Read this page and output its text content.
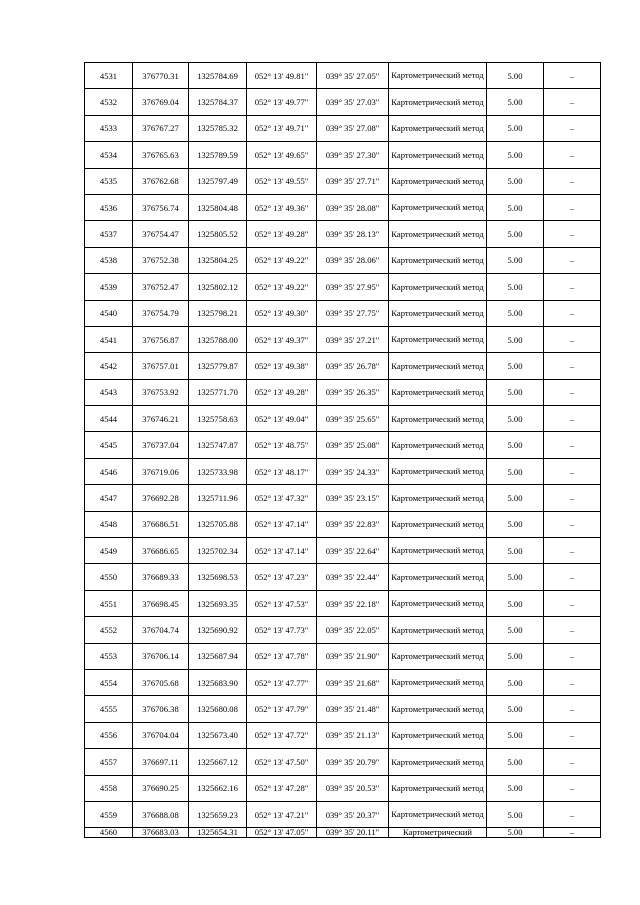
4531	376770.31	1325784.69	052° 13' 49.81"	039° 35' 27.05"	Картометрический метод	5.00	–
4532	376769.04	1325784.37	052° 13' 49.77"	039° 35' 27.03"	Картометрический метод	5.00	–
4533	376767.27	1325785.32	052° 13' 49.71"	039° 35' 27.08"	Картометрический метод	5.00	–
4534	376765.63	1325789.59	052° 13' 49.65"	039° 35' 27.30"	Картометрический метод	5.00	–
4535	376762.68	1325797.49	052° 13' 49.55"	039° 35' 27.71"	Картометрический метод	5.00	–
4536	376756.74	1325804.48	052° 13' 49.36"	039° 35' 28.08"	Картометрический метод	5.00	–
4537	376754.47	1325805.52	052° 13' 49.28"	039° 35' 28.13"	Картометрический метод	5.00	–
4538	376752.38	1325804.25	052° 13' 49.22"	039° 35' 28.06"	Картометрический метод	5.00	–
4539	376752.47	1325802.12	052° 13' 49.22"	039° 35' 27.95"	Картометрический метод	5.00	–
4540	376754.79	1325798.21	052° 13' 49.30"	039° 35' 27.75"	Картометрический метод	5.00	–
4541	376756.87	1325788.00	052° 13' 49.37"	039° 35' 27.21"	Картометрический метод	5.00	–
4542	376757.01	1325779.87	052° 13' 49.38"	039° 35' 26.78"	Картометрический метод	5.00	–
4543	376753.92	1325771.70	052° 13' 49.28"	039° 35' 26.35"	Картометрический метод	5.00	–
4544	376746.21	1325758.63	052° 13' 49.04"	039° 35' 25.65"	Картометрический метод	5.00	–
4545	376737.04	1325747.87	052° 13' 48.75"	039° 35' 25.08"	Картометрический метод	5.00	–
4546	376719.06	1325733.98	052° 13' 48.17"	039° 35' 24.33"	Картометрический метод	5.00	–
4547	376692.28	1325711.96	052° 13' 47.32"	039° 35' 23.15"	Картометрический метод	5.00	–
4548	376686.51	1325705.88	052° 13' 47.14"	039° 35' 22.83"	Картометрический метод	5.00	–
4549	376686.65	1325702.34	052° 13' 47.14"	039° 35' 22.64"	Картометрический метод	5.00	–
4550	376689.33	1325698.53	052° 13' 47.23"	039° 35' 22.44"	Картометрический метод	5.00	–
4551	376698.45	1325693.35	052° 13' 47.53"	039° 35' 22.18"	Картометрический метод	5.00	–
4552	376704.74	1325690.92	052° 13' 47.73"	039° 35' 22.05"	Картометрический метод	5.00	–
4553	376706.14	1325687.94	052° 13' 47.78"	039° 35' 21.90"	Картометрический метод	5.00	–
4554	376705.68	1325683.90	052° 13' 47.77"	039° 35' 21.68"	Картометрический метод	5.00	–
4555	376706.38	1325680.08	052° 13' 47.79"	039° 35' 21.48"	Картометрический метод	5.00	–
4556	376704.04	1325673.40	052° 13' 47.72"	039° 35' 21.13"	Картометрический метод	5.00	–
4557	376697.11	1325667.12	052° 13' 47.50"	039° 35' 20.79"	Картометрический метод	5.00	–
4558	376690.25	1325662.16	052° 13' 47.28"	039° 35' 20.53"	Картометрический метод	5.00	–
4559	376688.08	1325659.23	052° 13' 47.21"	039° 35' 20.37"	Картометрический метод	5.00	–
4560	376683.03	1325654.31	052° 13' 47.05"	039° 35' 20.11"	Картометрический	5.00	–
